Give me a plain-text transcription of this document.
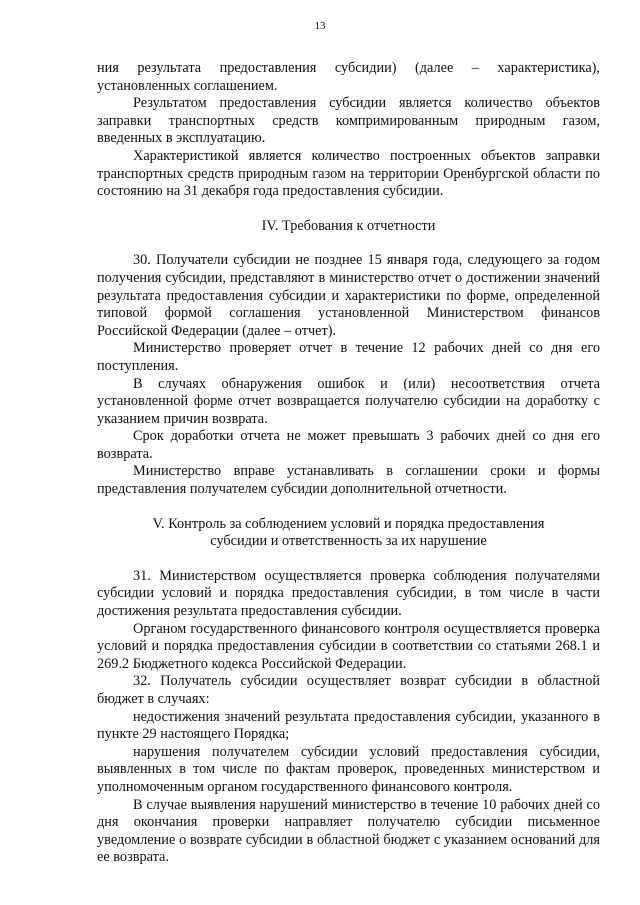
13

ния результата предоставления субсидии) (далее – характеристика), установленных соглашением.

Результатом предоставления субсидии является количество объектов заправки транспортных средств компримированным природным газом, введенных в эксплуатацию.

Характеристикой является количество построенных объектов заправки транспортных средств природным газом на территории Оренбургской области по состоянию на 31 декабря года предоставления субсидии.

IV. Требования к отчетности

30. Получатели субсидии не позднее 15 января года, следующего за годом получения субсидии, представляют в министерство отчет о достижении значений результата предоставления субсидии и характеристики по форме, определенной типовой формой соглашения установленной Министерством финансов Российской Федерации (далее – отчет).

Министерство проверяет отчет в течение 12 рабочих дней со дня его поступления.

В случаях обнаружения ошибок и (или) несоответствия отчета установленной форме отчет возвращается получателю субсидии на доработку с указанием причин возврата.

Срок доработки отчета не может превышать 3 рабочих дней со дня его возврата.

Министерство вправе устанавливать в соглашении сроки и формы представления получателем субсидии дополнительной отчетности.

V. Контроль за соблюдением условий и порядка предоставления
субсидии и ответственность за их нарушение

31. Министерством осуществляется проверка соблюдения получателями субсидии условий и порядка предоставления субсидии, в том числе в части достижения результата предоставления субсидии.

Органом государственного финансового контроля осуществляется проверка условий и порядка предоставления субсидии в соответствии со статьями 268.1 и 269.2 Бюджетного кодекса Российской Федерации.

32. Получатель субсидии осуществляет возврат субсидии в областной бюджет в случаях:

недостижения значений результата предоставления субсидии, указанного в пункте 29 настоящего Порядка;

нарушения получателем субсидии условий предоставления субсидии, выявленных в том числе по фактам проверок, проведенных министерством и уполномоченным органом государственного финансового контроля.

В случае выявления нарушений министерство в течение 10 рабочих дней со дня окончания проверки направляет получателю субсидии письменное уведомление о возврате субсидии в областной бюджет с указанием оснований для ее возврата.
